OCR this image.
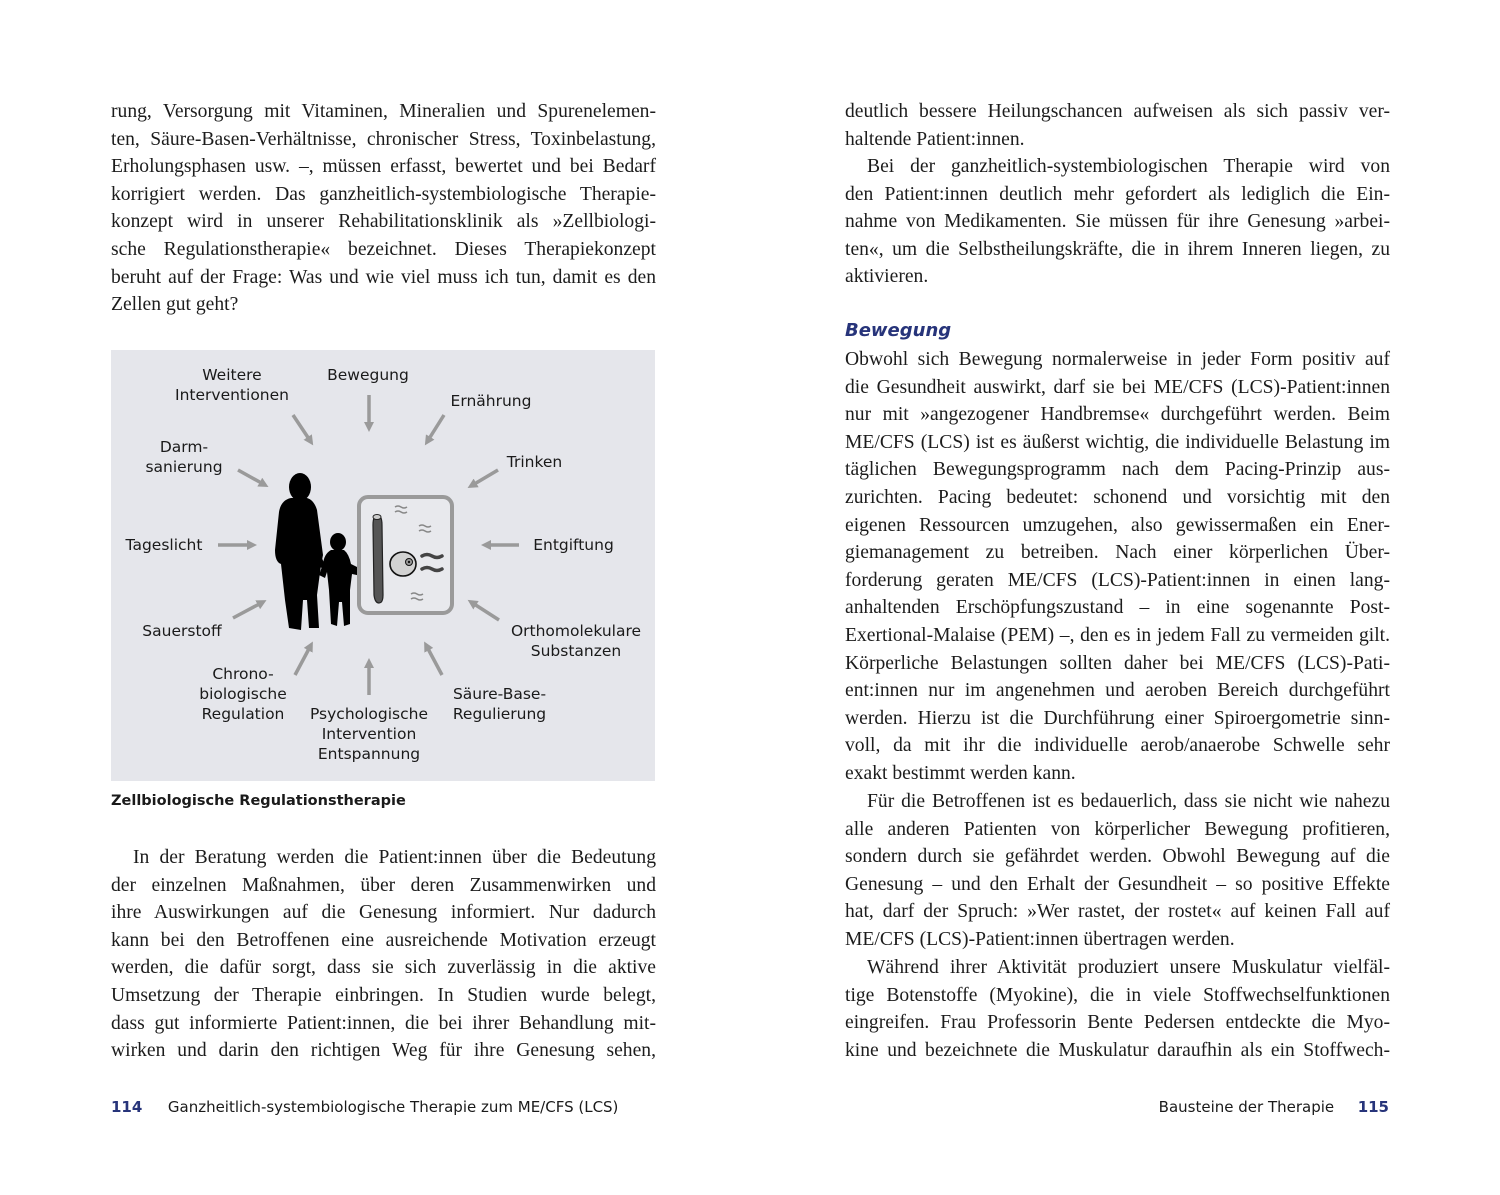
rung, Versorgung mit Vitaminen, Mineralien und Spurenelemen-
ten, Säure-Basen-Verhältnisse, chronischer Stress, Toxinbelastung,
Erholungsphasen usw. –, müssen erfasst, bewertet und bei Bedarf
korrigiert werden. Das ganzheitlich-systembiologische Therapie-
konzept wird in unserer Rehabilitationsklinik als »Zellbiologi-
sche Regulationstherapie« bezeichnet. Dieses Therapiekonzept
beruht auf der Frage: Was und wie viel muss ich tun, damit es den
Zellen gut geht?
Weitere
Interventionen
Bewegung
Ernährung
Darm-
sanierung	Trinken
Tageslicht	Entgiftung
Sauerstoff	Orthomolekulare
Substanzen
Chrono-
biologische
Regulation	Psychologische
Intervention
Entspannung
Säure-Base-
Regulierung
Zellbiologische Regulationstherapie
In der Beratung werden die Patient:innen über die Bedeutung
der einzelnen Maßnahmen, über deren Zusammenwirken und
ihre Auswirkungen auf die Genesung informiert. Nur dadurch
kann bei den Betroffenen eine ausreichende Motivation erzeugt
werden, die dafür sorgt, dass sie sich zuverlässig in die aktive
Umsetzung der Therapie einbringen. In Studien wurde belegt,
dass gut informierte Patient:innen, die bei ihrer Behandlung mit-
wirken und darin den richtigen Weg für ihre Genesung sehen,
114 Ganzheitlich-systembiologische Therapie zum ME/CFS (LCS)
deutlich bessere Heilungschancen aufweisen als sich passiv ver-
haltende Patient:innen.
Bei der ganzheitlich-systembiologischen Therapie wird von
den Patient:innen deutlich mehr gefordert als lediglich die Ein-
nahme von Medikamenten. Sie müssen für ihre Genesung »arbei-
ten«, um die Selbstheilungskräfte, die in ihrem Inneren liegen, zu
aktivieren.
Bewegung
Obwohl sich Bewegung normalerweise in jeder Form positiv auf
die Gesundheit auswirkt, darf sie bei ME/CFS (LCS)-Patient:innen
nur mit »angezogener Handbremse« durchgeführt werden. Beim
ME/CFS (LCS) ist es äußerst wichtig, die individuelle Belastung im
täglichen Bewegungsprogramm nach dem Pacing-Prinzip aus-
zurichten. Pacing bedeutet: schonend und vorsichtig mit den
eigenen Ressourcen umzugehen, also gewissermaßen ein Ener-
giemanagement zu betreiben. Nach einer körperlichen Über-
forderung geraten ME/CFS (LCS)-Patient:innen in einen lang-
anhaltenden Erschöpfungszustand – in eine sogenannte Post-
Exertional-Malaise (PEM) –, den es in jedem Fall zu vermeiden gilt.
Körperliche Belastungen sollten daher bei ME/CFS (LCS)-Pati-
ent:innen nur im angenehmen und aeroben Bereich durchgeführt
werden. Hierzu ist die Durchführung einer Spiroergometrie sinn-
voll, da mit ihr die individuelle aerob/anaerobe Schwelle sehr
exakt bestimmt werden kann.
Für die Betroffenen ist es bedauerlich, dass sie nicht wie nahezu
alle anderen Patienten von körperlicher Bewegung profitieren,
sondern durch sie gefährdet werden. Obwohl Bewegung auf die
Genesung – und den Erhalt der Gesundheit – so positive Effekte
hat, darf der Spruch: »Wer rastet, der rostet« auf keinen Fall auf
ME/CFS (LCS)-Patient:innen übertragen werden.
Während ihrer Aktivität produziert unsere Muskulatur vielfäl-
tige Botenstoffe (Myokine), die in viele Stoffwechselfunktionen
eingreifen. Frau Professorin Bente Pedersen entdeckte die Myo-
kine und bezeichnete die Muskulatur daraufhin als ein Stoffwech-
Bausteine der Therapie 115
